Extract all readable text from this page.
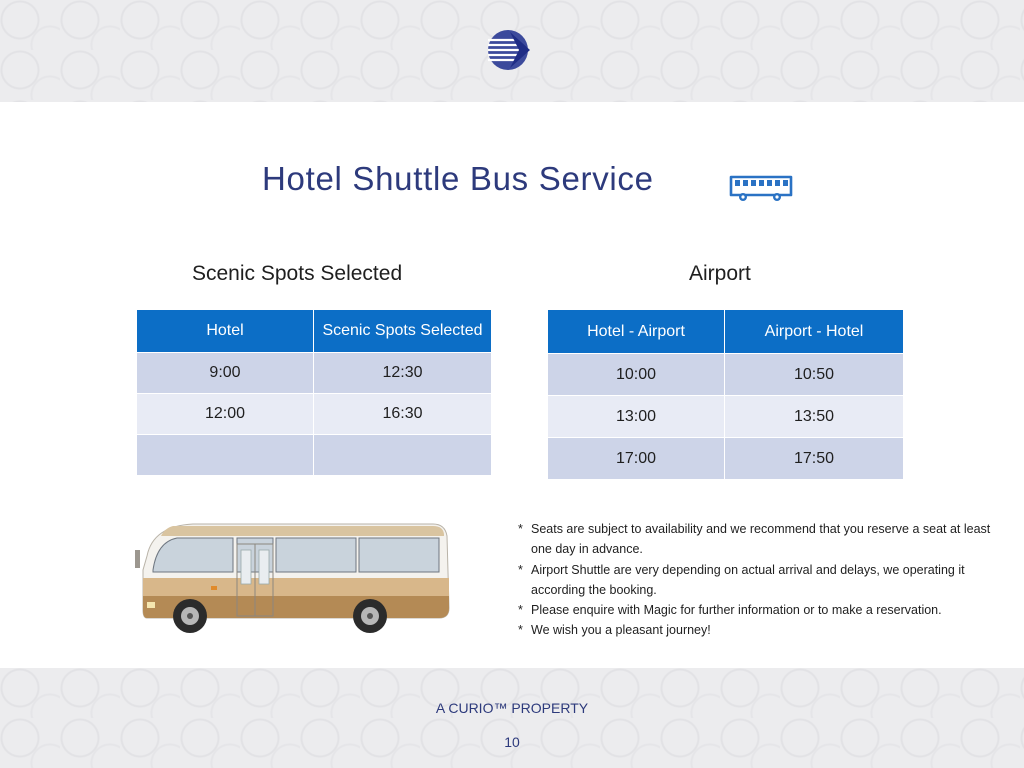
Hotel Shuttle Bus Service
Scenic Spots Selected	Airport
Hotel	Scenic Spots Selected
9:00	12:30
12:00	16:30

Hotel - Airport	Airport - Hotel
10:00	10:50
13:00	13:50
17:00	17:50
* Seats are subject to availability and we recommend that you reserve a seat at least one day in advance.
* Airport Shuttle are very depending on actual arrival and delays, we operating it according the booking.
* Please enquire with Magic for further information or to make a reservation.
* We wish you a pleasant journey!
A CURIO™ PROPERTY
10
